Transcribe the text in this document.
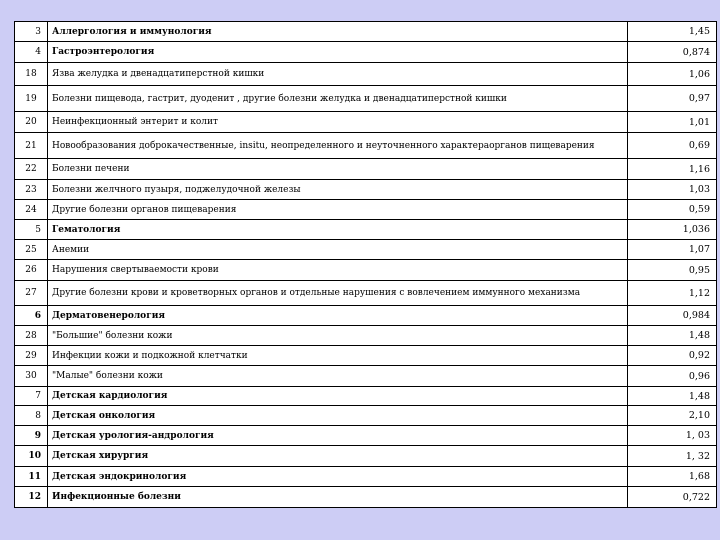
3	Аллергология и иммунология	1,45
4	Гастроэнтерология	0,874
18	Язва желудка и двенадцатиперстной кишки	1,06
19	Болезни пищевода, гастрит, дуоденит , другие болезни желудка и двенадцатиперстной кишки	0,97
20	Неинфекционный энтерит и колит	1,01
21	Новообразования доброкачественные, insitu, неопределенного и неуточненного характераорганов пищеварения	0,69
22	Болезни печени	1,16
23	Болезни желчного пузыря, поджелудочной железы	1,03
24	Другие болезни органов пищеварения	0,59
5	Гематология	1,036
25	Анемии	1,07
26	Нарушения свертываемости крови	0,95
27	Другие болезни крови и кроветворных органов и отдельные нарушения с вовлечением иммунного механизма	1,12
6	Дерматовенерология	0,984
28	"Большие" болезни кожи	1,48
29	Инфекции кожи и подкожной клетчатки	0,92
30	"Малые" болезни кожи	0,96
7	Детская кардиология	1,48
8	Детская онкология	2,10
9	Детская урология-андрология	1, 03
10	Детская хирургия	1, 32
11	Детская эндокринология	1,68
12	Инфекционные болезни	0,722
